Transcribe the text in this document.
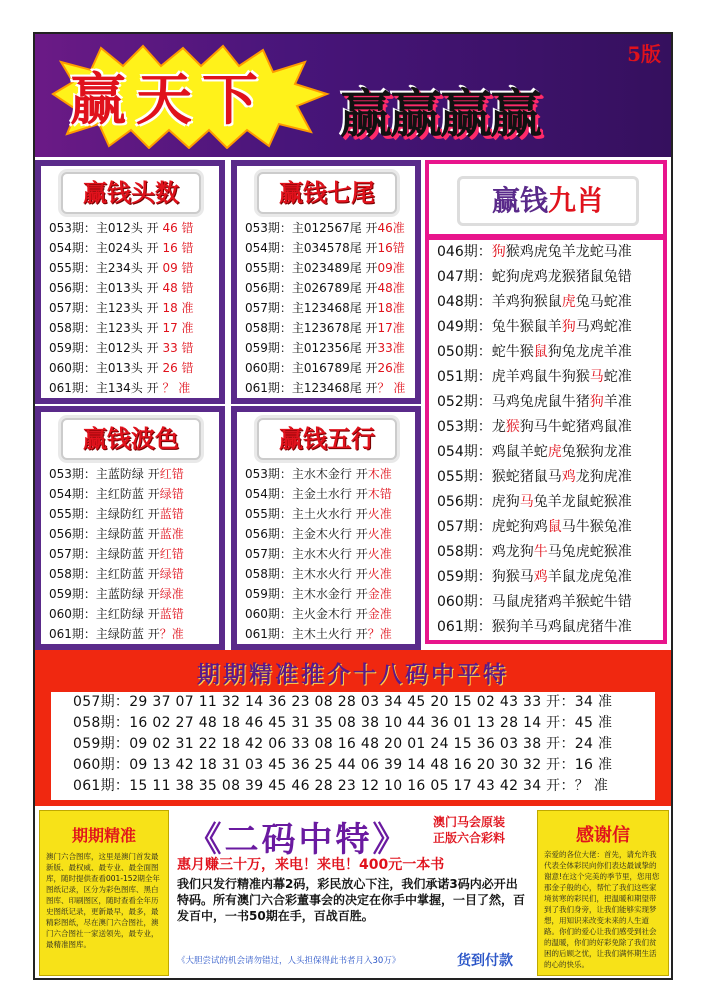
赢天下 赢赢赢赢
5版
赢钱头数
053期：主012头 开 46 错
054期：主024头 开 16 错
055期：主234头 开 09 错
056期：主013头 开 48 错
057期：主123头 开 18 准
058期：主123头 开 17 准
059期：主012头 开 33 错
060期：主013头 开 26 错
061期：主134头 开 ？ 准
赢钱七尾
053期：主012567尾 开46准
054期：主034578尾 开16错
055期：主023489尾 开09准
056期：主026789尾 开48准
057期：主123468尾 开18准
058期：主123678尾 开17准
059期：主012356尾 开33准
060期：主016789尾 开26准
061期：主123468尾 开？ 准
赢钱波色
053期：主蓝防绿 开红错
054期：主红防蓝 开绿错
055期：主绿防红 开蓝错
056期：主绿防蓝 开蓝准
057期：主绿防蓝 开红错
058期：主红防蓝 开绿错
059期：主蓝防绿 开绿准
060期：主红防绿 开蓝错
061期：主绿防蓝 开？准
赢钱五行
053期：主水木金行 开木准
054期：主金土水行 开木错
055期：主土火水行 开火准
056期：主金木火行 开火准
057期：主水木火行 开火准
058期：主木水火行 开火准
059期：主木水金行 开金准
060期：主火金木行 开金准
061期：主木土火行 开？准
赢钱九肖
046期：狗猴鸡虎兔羊龙蛇马准
047期：蛇狗虎鸡龙猴猪鼠兔错
048期：羊鸡狗猴鼠虎兔马蛇准
049期：兔牛猴鼠羊狗马鸡蛇准
050期：蛇牛猴鼠狗兔龙虎羊准
051期：虎羊鸡鼠牛狗猴马蛇准
052期：马鸡兔虎鼠牛猪狗羊准
053期：龙猴狗马牛蛇猪鸡鼠准
054期：鸡鼠羊蛇虎兔猴狗龙准
055期：猴蛇猪鼠马鸡龙狗虎准
056期：虎狗马兔羊龙鼠蛇猴准
057期：虎蛇狗鸡鼠马牛猴兔准
058期：鸡龙狗牛马兔虎蛇猴准
059期：狗猴马鸡羊鼠龙虎兔准
060期：马鼠虎猪鸡羊猴蛇牛错
061期：猴狗羊马鸡鼠虎猪牛准
期期精准推介十八码中平特
057期：29 37 07 11 32 14 36 23 08 28 03 34 45 20 15 02 43 33 开：34 准
058期：16 02 27 48 18 46 45 31 35 08 38 10 44 36 01 13 28 14 开：45 准
059期：09 02 31 22 18 42 06 33 08 16 48 20 01 24 15 36 03 38 开：24 准
060期：09 13 42 18 31 03 45 36 25 44 06 39 14 48 16 20 30 32 开：16 准
061期：15 11 38 35 08 39 45 46 28 23 12 10 16 05 17 43 42 34 开：？ 准
期期精准
澳门六合图库，这里是澳门首发最新版、最权威、最专业、最全面图库，随时提供查看001-152期全年图纸记录，区分为彩色图库、黑白图库、印刷图区，随时查看全年历史图纸记录，更新最早，最多，最精彩图纸，尽在澳门六合图社，澳门六合图社一家送领先，最专业，最精准图库。
《二码中特》	澳门马会原装
正版六合彩料
惠月赚三十万，来电！来电！400元一本书
我们只发行精准内幕2码，彩民放心下注，我们承诺3码内必开出特码。所有澳门六合彩董事会的决定在你手中掌握，一目了然，百发百中，一书50期在手，百战百胜。
《大胆尝试的机会请勿错过，人头担保得此书者月入30万》	货到付款
感谢信
亲爱的各位大佬：首先，请允许我代表全体彩民向你们表达最诚挚的谢意!在这个完美的季节里，您用您那金子般的心，帮忙了我们这些家境贫寒的彩民们，把温暖和期望带到了我们身旁，让我们能够实现梦想，用知识来改变未来的人生道路。你们的爱心让我们感受到社会的温暖，你们的好彩免除了我们贫困的后顾之忧，让我们满怀期生活的心的快乐。
